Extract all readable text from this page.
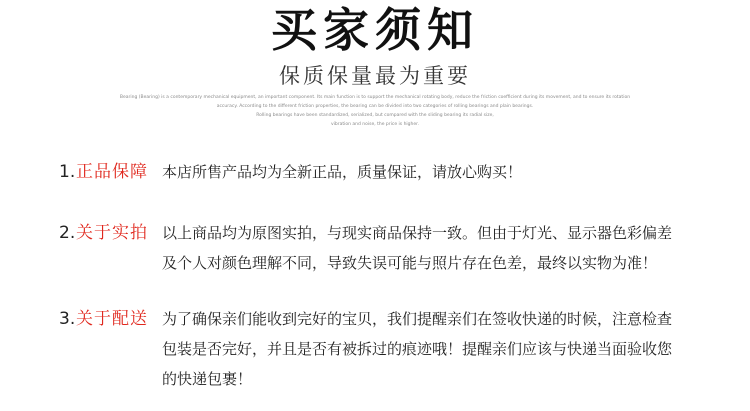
买家须知
保质保量最为重要
Bearing (Bearing) is a contemporary mechanical equipment, an important component. Its main function is to support the mechanical rotating body, reduce the friction coefficient during its movement, and to ensure its rotation
accuracy. According to the different friction properties, the bearing can be divided into two categories of rolling bearings and plain bearings.
Rolling bearings have been standardized, serialized, but compared with the sliding bearing its radial size,
vibration and noise, the price is higher.
1. 正品保障 本店所售产品均为全新正品，质量保证，请放心购买！
2. 关于实拍 以上商品均为原图实拍，与现实商品保持一致。但由于灯光、显示器色彩偏差
及个人对颜色理解不同，导致失误可能与照片存在色差，最终以实物为准！
3. 关于配送 为了确保亲们能收到完好的宝贝，我们提醒亲们在签收快递的时候，注意检查
包装是否完好，并且是否有被拆过的痕迹哦！提醒亲们应该与快递当面验收您
的快递包裹！
